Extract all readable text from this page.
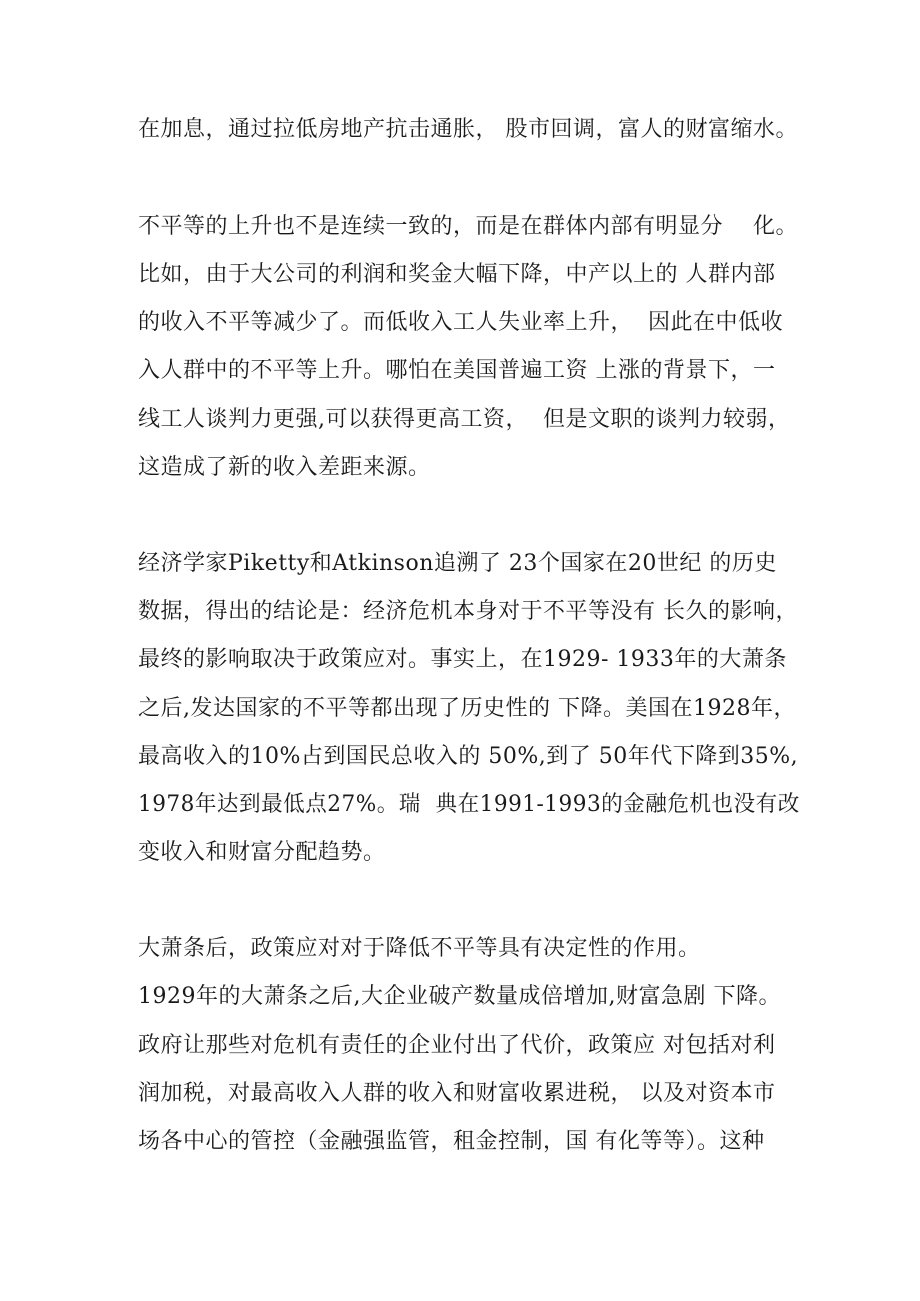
在加息，通过拉低房地产抗击通胀， 股市回调，富人的财富缩水。

不平等的上升也不是连续一致的，而是在群体内部有明显分    化。

比如，由于大公司的利润和奖金大幅下降，中产以上的 人群内部

的收入不平等减少了。而低收入工人失业率上升，  因此在中低收

入人群中的不平等上升。哪怕在美国普遍工资 上涨的背景下，一

线工人谈判力更强,可以获得更高工资，  但是文职的谈判力较弱，

这造成了新的收入差距来源。

经济学家Piketty和Atkinson追溯了 23个国家在20世纪 的历史

数据，得出的结论是：经济危机本身对于不平等没有 长久的影响，

最终的影响取决于政策应对。事实上，在1929- 1933年的大萧条

之后,发达国家的不平等都出现了历史性的 下降。美国在1928年，

最高收入的10%占到国民总收入的 50%,到了 50年代下降到35%,

1978年达到最低点27%。瑞  典在1991-1993的金融危机也没有改

变收入和财富分配趋势。

大萧条后，政策应对对于降低不平等具有决定性的作用。

1929年的大萧条之后,大企业破产数量成倍增加,财富急剧 下降。

政府让那些对危机有责任的企业付出了代价，政策应 对包括对利

润加税，对最高收入人群的收入和财富收累进税， 以及对资本市

场各中心的管控（金融强监管，租金控制，国 有化等等）。这种
